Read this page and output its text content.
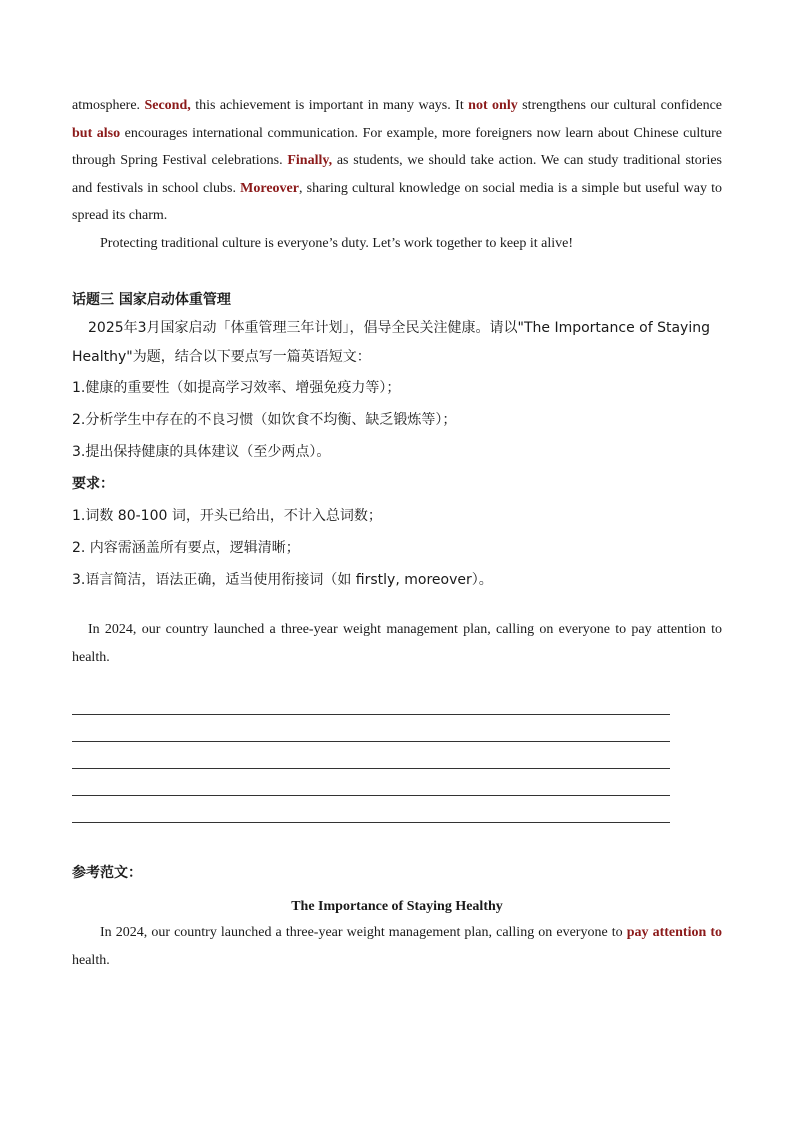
atmosphere. Second, this achievement is important in many ways. It not only strengthens our cultural confidence but also encourages international communication. For example, more foreigners now learn about Chinese culture through Spring Festival celebrations. Finally, as students, we should take action. We can study traditional stories and festivals in school clubs. Moreover, sharing cultural knowledge on social media is a simple but useful way to spread its charm.

Protecting traditional culture is everyone’s duty. Let’s work together to keep it alive!

话题三 国家启动体重管理

2025年3月国家启动「体重管理三年计划」，倡导全民关注健康。请以"The Importance of Staying Healthy"为题，结合以下要点写一篇英语短文：

1.健康的重要性（如提高学习效率、增强免疫力等）；

2.分析学生中存在的不良习惯（如饮食不均衡、缺乏锻炼等）；

3.提出保持健康的具体建议（至少两点）。

要求：

1.词数 80-100 词，开头已给出，不计入总词数；

2. 内容需涵盖所有要点，逻辑清晰；

3.语言简洁，语法正确，适当使用衔接词（如 firstly, moreover）。

In 2024, our country launched a three-year weight management plan, calling on everyone to pay attention to health.

参考范文：
The Importance of Staying Healthy

In 2024, our country launched a three-year weight management plan, calling on everyone to pay attention to health.
